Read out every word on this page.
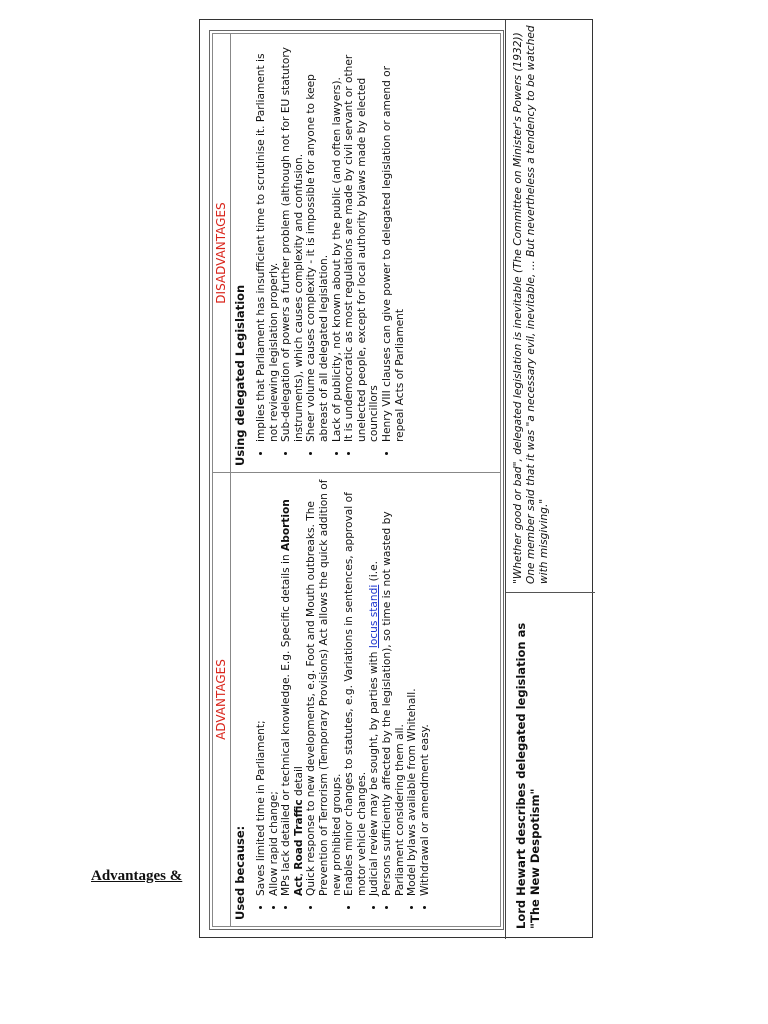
Advantages &
ADVANTAGES
Used because: • Saves limited time in Parliament; • Allow rapid change; • MPs lack detailed or technical knowledge. E.g. Specific details in Abortion Act, Road Traffic detail • Quick response to new developments, e.g. Foot and Mouth outbreaks. The Prevention of Terrorism (Temporary Provisions) Act allows the quick addition of new prohibited groups. • Enables minor changes to statutes, e.g. Variations in sentences, approval of motor vehicle changes. • Judicial review may be sought, by parties with locus standi (i.e. • Persons sufficiently affected by the legislation), so time is not wasted by Parliament considering them all. • Model bylaws available from Whitehall. • Withdrawal or amendment easy.
DISADVANTAGES
Using delegated Legislation • implies that Parliament has insufficient time to scrutinise it. Parliament is not reviewing legislation properly. • Sub-delegation of powers a further problem (although not for EU statutory instruments), which causes complexity and confusion. • Sheer volume causes complexity - it is impossible for anyone to keep abreast of all delegated legislation. • Lack of publicity, not known about by the public (and often lawyers). • It is undemocratic as most regulations are made by civil servant or other unelected people, except for local authority bylaws made by elected councillors • Henry VIII clauses can give power to delegated legislation or amend or repeal Acts of Parliament
Lord Hewart describes delegated legislation as "The New Despotism"
"Whether good or bad", delegated legislation is inevitable (The Committee on Minister's Powers (1932)) One member said that it was "a necessary evil, inevitable, ... But nevertheless a tendency to be watched with misgiving."
